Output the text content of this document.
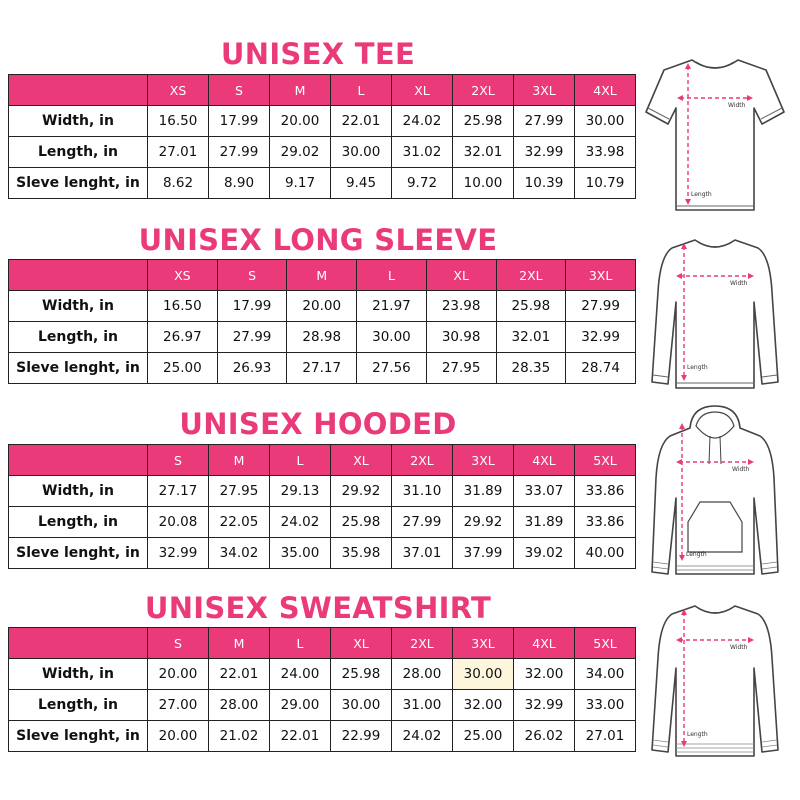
UNISEX TEE
	XS	S	M	L	XL	2XL	3XL	4XL
Width, in	16.50	17.99	20.00	22.01	24.02	25.98	27.99	30.00
Length, in	27.01	27.99	29.02	30.00	31.02	32.01	32.99	33.98
Sleve lenght, in	8.62	8.90	9.17	9.45	9.72	10.00	10.39	10.79
Width
Length
UNISEX LONG SLEEVE
	XS	S	M	L	XL	2XL	3XL
Width, in	16.50	17.99	20.00	21.97	23.98	25.98	27.99
Length, in	26.97	27.99	28.98	30.00	30.98	32.01	32.99
Sleve lenght, in	25.00	26.93	27.17	27.56	27.95	28.35	28.74
Width
Length
UNISEX HOODED
	S	M	L	XL	2XL	3XL	4XL	5XL
Width, in	27.17	27.95	29.13	29.92	31.10	31.89	33.07	33.86
Length, in	20.08	22.05	24.02	25.98	27.99	29.92	31.89	33.86
Sleve lenght, in	32.99	34.02	35.00	35.98	37.01	37.99	39.02	40.00
Width
Length
UNISEX SWEATSHIRT
	S	M	L	XL	2XL	3XL	4XL	5XL
Width, in	20.00	22.01	24.00	25.98	28.00	30.00	32.00	34.00
Length, in	27.00	28.00	29.00	30.00	31.00	32.00	32.99	33.00
Sleve lenght, in	20.00	21.02	22.01	22.99	24.02	25.00	26.02	27.01
Width
Length
